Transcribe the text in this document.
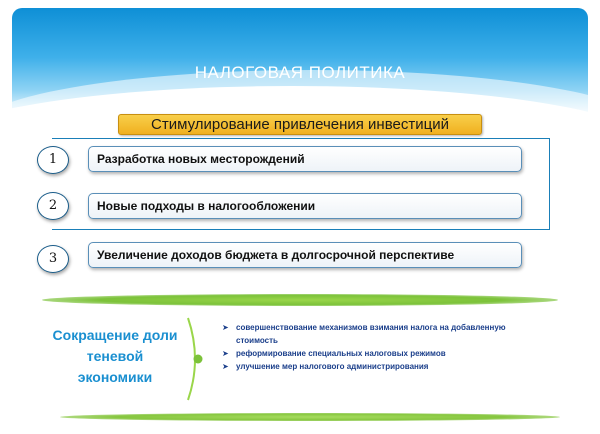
НАЛОГОВАЯ ПОЛИТИКА
Стимулирование привлечения инвестиций
1	Разработка новых месторождений
2	Новые подходы в налогообложении
3	Увеличение доходов бюджета в долгосрочной перспективе
Сокращение доли
теневой
экономики
➤ совершенствование механизмов взимания налога на добавленную стоимость
➤ реформирование специальных налоговых режимов
➤ улучшение мер налогового администрирования
